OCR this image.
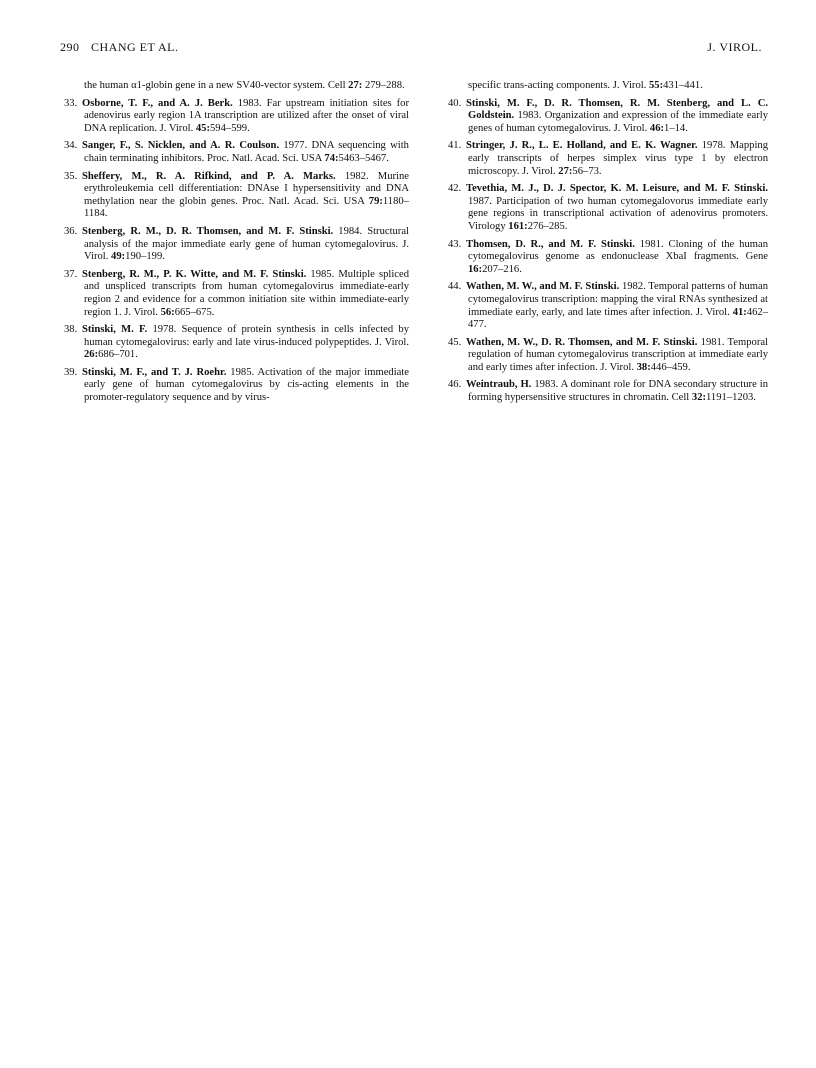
290 CHANG ET AL.	J. VIROL.

the human α1-globin gene in a new SV40-vector system. Cell 27: 279–288.

33. Osborne, T. F., and A. J. Berk. 1983. Far upstream initiation sites for adenovirus early region 1A transcription are utilized after the onset of viral DNA replication. J. Virol. 45:594–599.

34. Sanger, F., S. Nicklen, and A. R. Coulson. 1977. DNA sequencing with chain terminating inhibitors. Proc. Natl. Acad. Sci. USA 74:5463–5467.

35. Sheffery, M., R. A. Rifkind, and P. A. Marks. 1982. Murine erythroleukemia cell differentiation: DNAse I hypersensitivity and DNA methylation near the globin genes. Proc. Natl. Acad. Sci. USA 79:1180–1184.

36. Stenberg, R. M., D. R. Thomsen, and M. F. Stinski. 1984. Structural analysis of the major immediate early gene of human cytomegalovirus. J. Virol. 49:190–199.

37. Stenberg, R. M., P. K. Witte, and M. F. Stinski. 1985. Multiple spliced and unspliced transcripts from human cytomegalovirus immediate-early region 2 and evidence for a common initiation site within immediate-early region 1. J. Virol. 56:665–675.

38. Stinski, M. F. 1978. Sequence of protein synthesis in cells infected by human cytomegalovirus: early and late virus-induced polypeptides. J. Virol. 26:686–701.

39. Stinski, M. F., and T. J. Roehr. 1985. Activation of the major immediate early gene of human cytomegalovirus by cis-acting elements in the promoter-regulatory sequence and by virus-

specific trans-acting components. J. Virol. 55:431–441.

40. Stinski, M. F., D. R. Thomsen, R. M. Stenberg, and L. C. Goldstein. 1983. Organization and expression of the immediate early genes of human cytomegalovirus. J. Virol. 46:1–14.

41. Stringer, J. R., L. E. Holland, and E. K. Wagner. 1978. Mapping early transcripts of herpes simplex virus type 1 by electron microscopy. J. Virol. 27:56–73.

42. Tevethia, M. J., D. J. Spector, K. M. Leisure, and M. F. Stinski. 1987. Participation of two human cytomegalovorus immediate early gene regions in transcriptional activation of adenovirus promoters. Virology 161:276–285.

43. Thomsen, D. R., and M. F. Stinski. 1981. Cloning of the human cytomegalovirus genome as endonuclease XbaI fragments. Gene 16:207–216.

44. Wathen, M. W., and M. F. Stinski. 1982. Temporal patterns of human cytomegalovirus transcription: mapping the viral RNAs synthesized at immediate early, early, and late times after infection. J. Virol. 41:462–477.

45. Wathen, M. W., D. R. Thomsen, and M. F. Stinski. 1981. Temporal regulation of human cytomegalovirus transcription at immediate early and early times after infection. J. Virol. 38:446–459.

46. Weintraub, H. 1983. A dominant role for DNA secondary structure in forming hypersensitive structures in chromatin. Cell 32:1191–1203.
